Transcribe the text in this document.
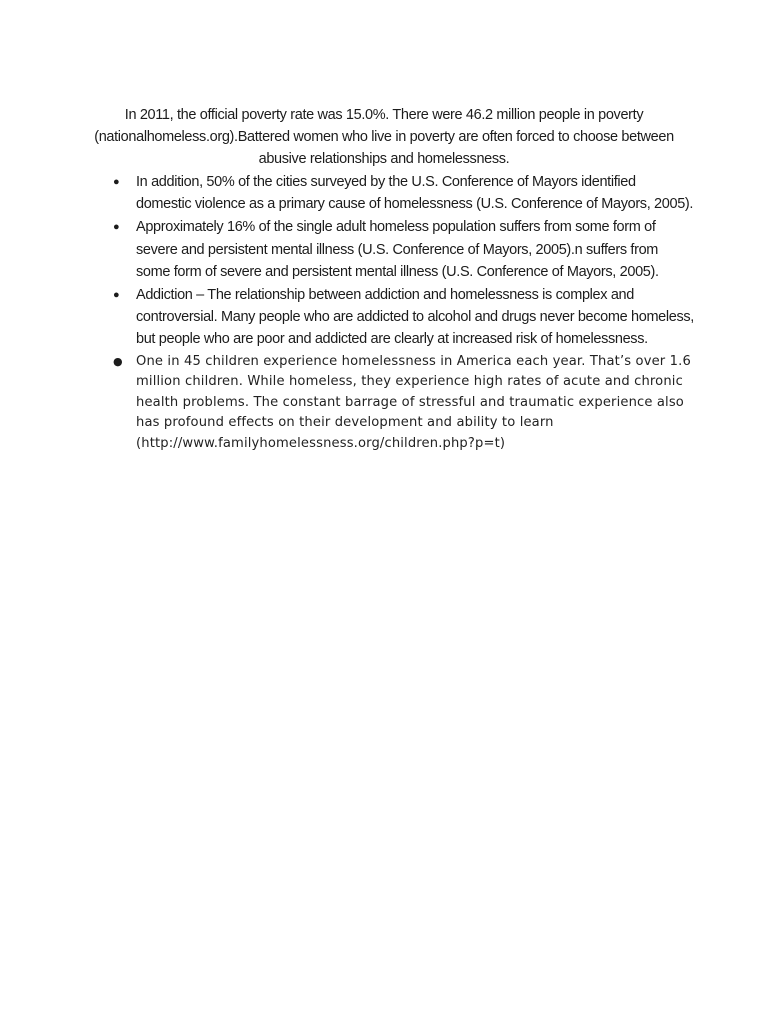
In 2011, the official poverty rate was 15.0%. There were 46.2 million people in poverty (nationalhomeless.org).Battered women who live in poverty are often forced to choose between abusive relationships and homelessness.

● In addition, 50% of the cities surveyed by the U.S. Conference of Mayors identified domestic violence as a primary cause of homelessness (U.S. Conference of Mayors, 2005).
● Approximately 16% of the single adult homeless population suffers from some form of severe and persistent mental illness (U.S. Conference of Mayors, 2005).n suffers from some form of severe and persistent mental illness (U.S. Conference of Mayors, 2005).
● Addiction – The relationship between addiction and homelessness is complex and controversial. Many people who are addicted to alcohol and drugs never become homeless, but people who are poor and addicted are clearly at increased risk of homelessness.
● One in 45 children experience homelessness in America each year. That’s over 1.6 million children. While homeless, they experience high rates of acute and chronic health problems. The constant barrage of stressful and traumatic experience also has profound effects on their development and ability to learn (http://www.familyhomelessness.org/children.php?p=t)
